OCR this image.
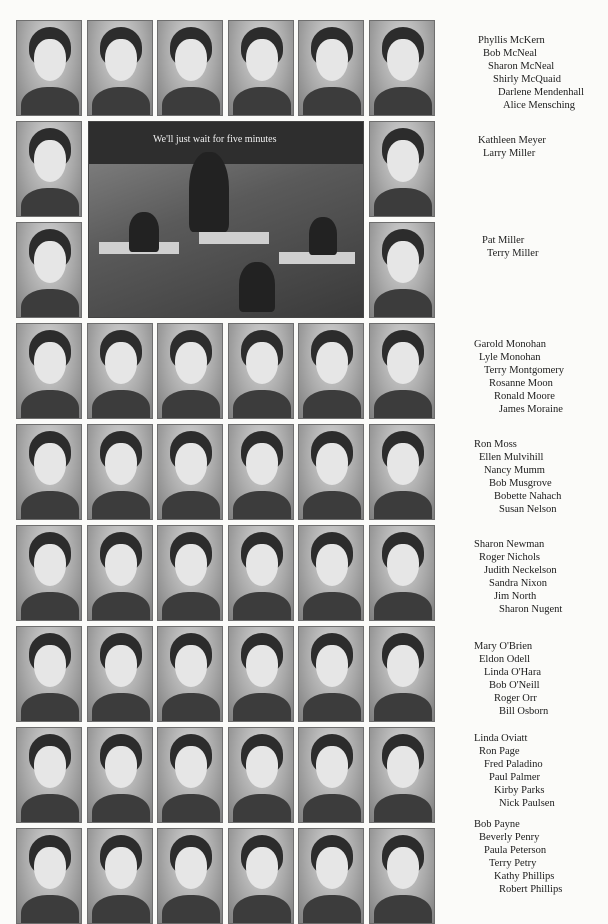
We'll just wait for five minutes
Phyllis McKern
Bob McNeal
Sharon McNeal
Shirly McQuaid
Darlene Mendenhall
Alice Mensching
Kathleen Meyer
Larry Miller
Pat Miller
Terry Miller
Garold Monohan
Lyle Monohan
Terry Montgomery
Rosanne Moon
Ronald Moore
James Moraine
Ron Moss
Ellen Mulvihill
Nancy Mumm
Bob Musgrove
Bobette Nahach
Susan Nelson
Sharon Newman
Roger Nichols
Judith Neckelson
Sandra Nixon
Jim North
Sharon Nugent
Mary O'Brien
Eldon Odell
Linda O'Hara
Bob O'Neill
Roger Orr
Bill Osborn
Linda Oviatt
Ron Page
Fred Paladino
Paul Palmer
Kirby Parks
Nick Paulsen
Bob Payne
Beverly Penry
Paula Peterson
Terry Petry
Kathy Phillips
Robert Phillips
